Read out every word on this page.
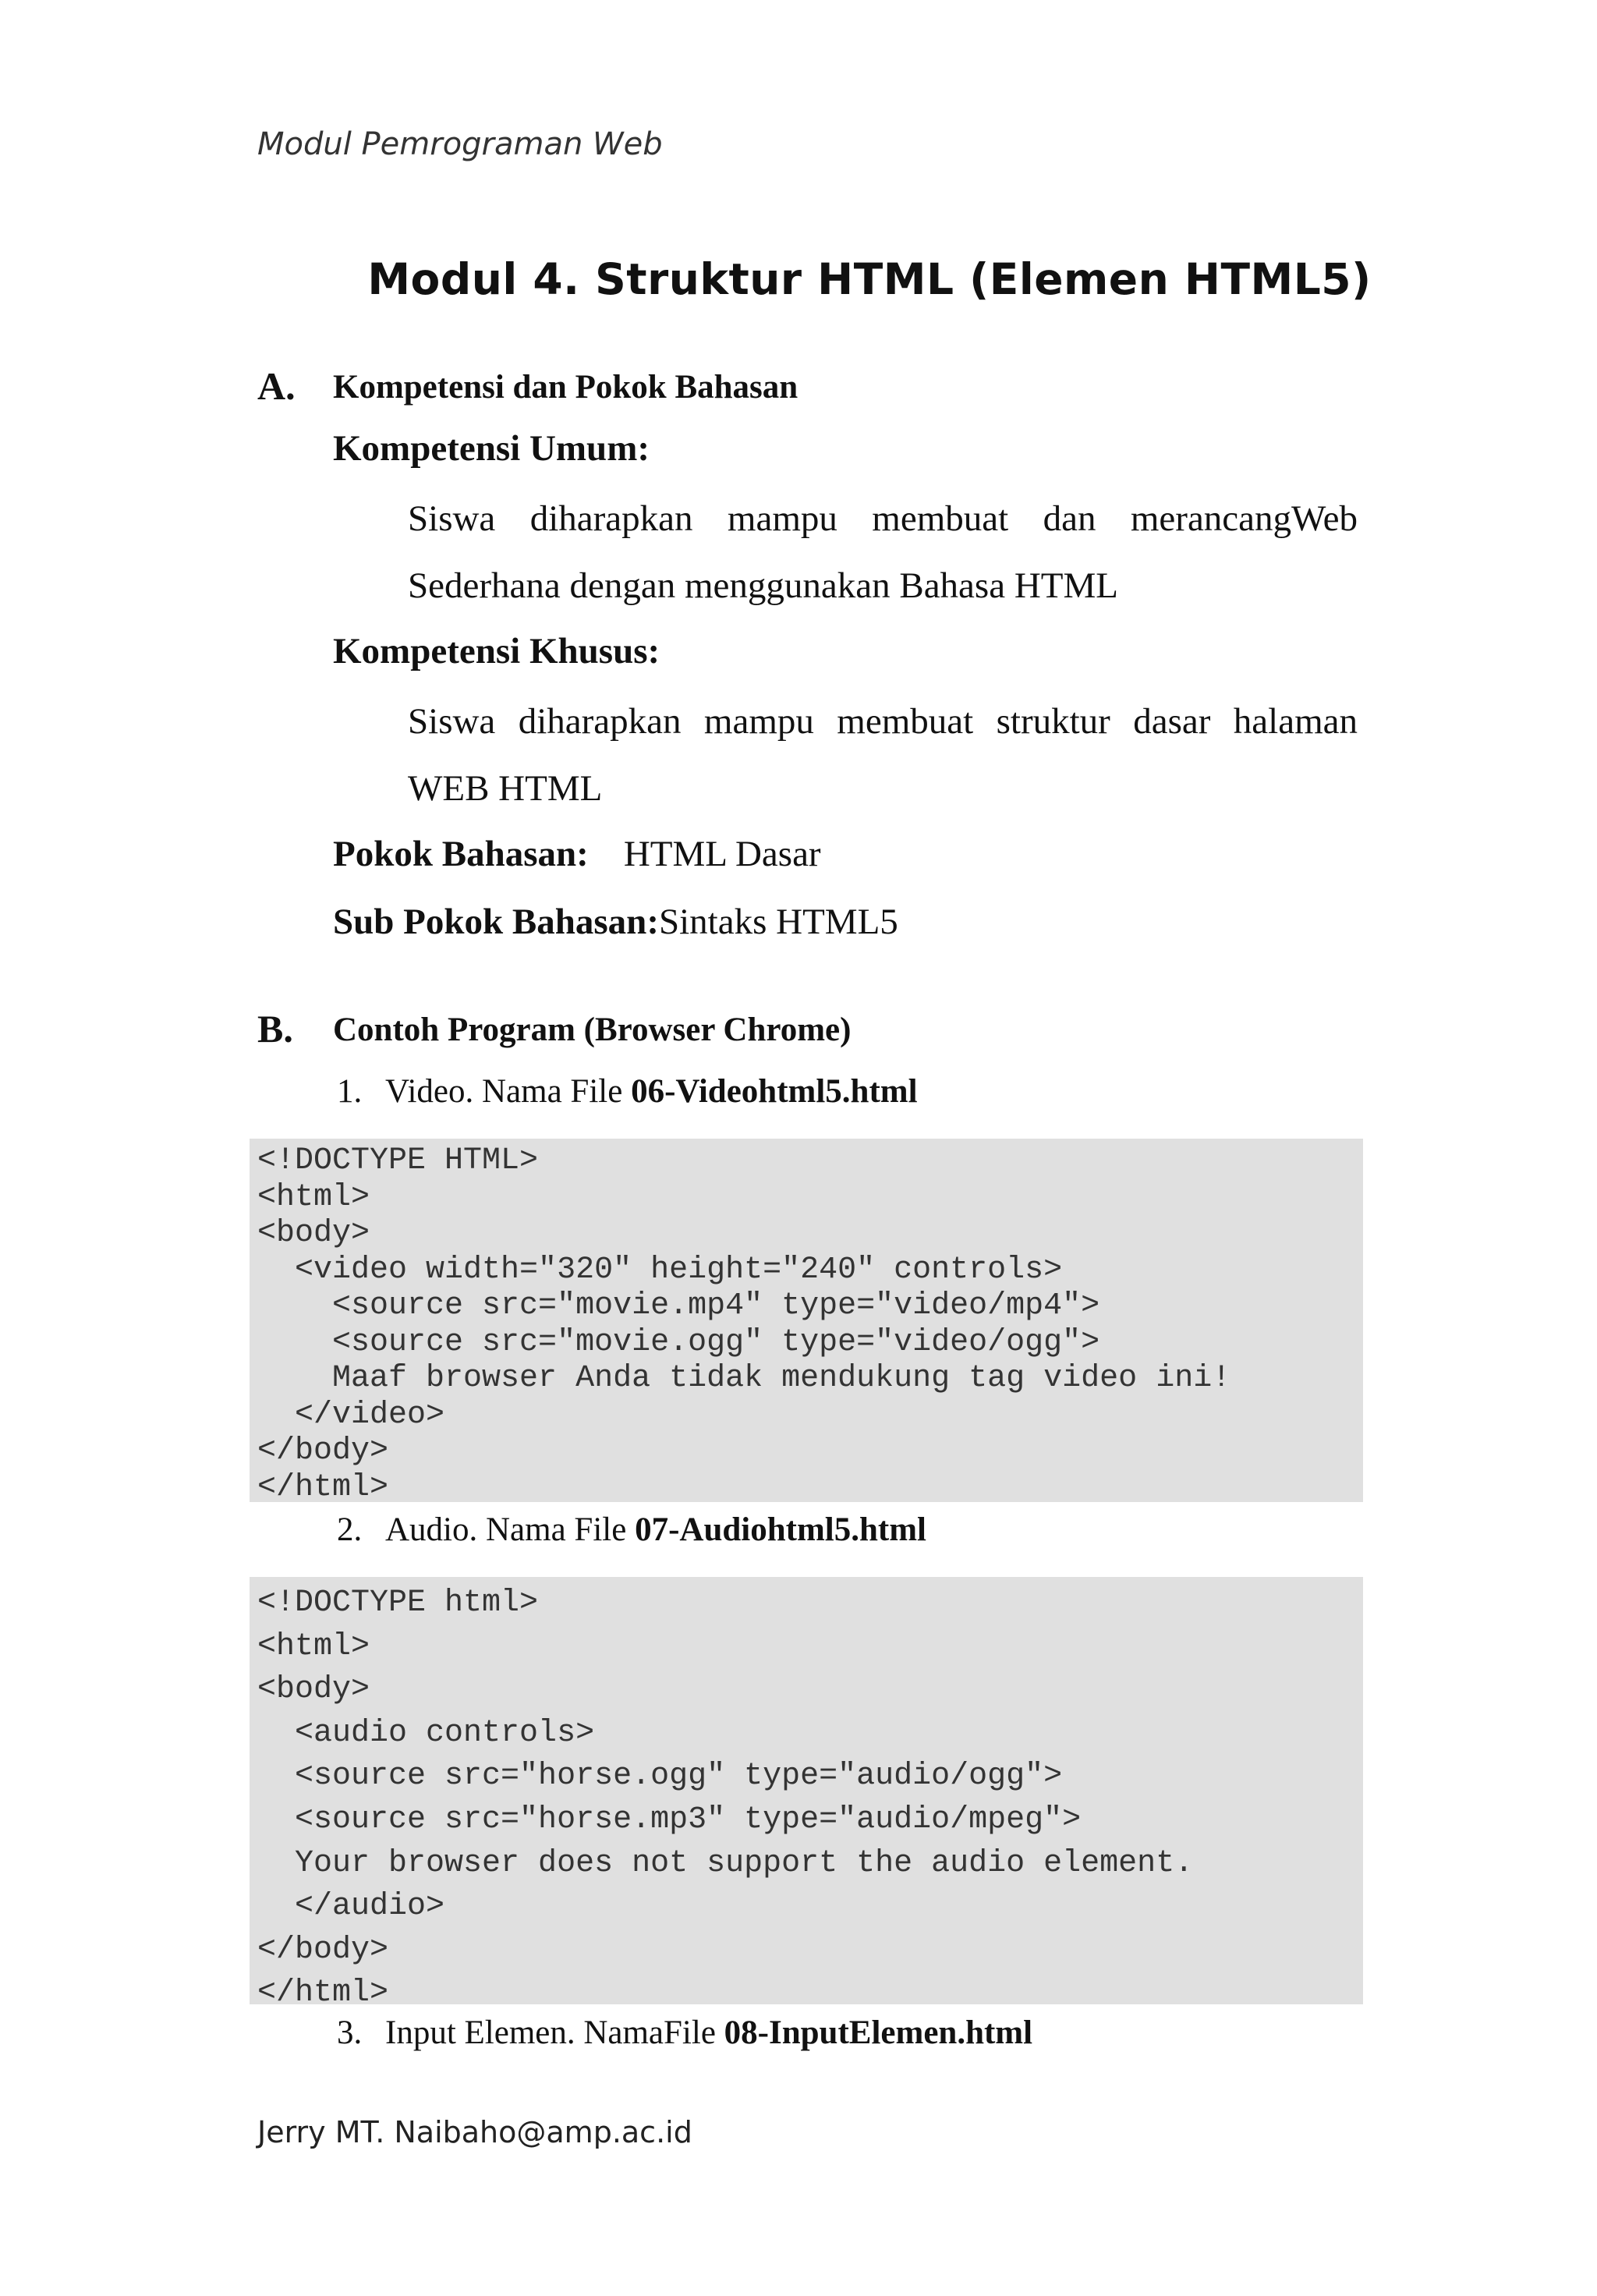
Modul Pemrograman Web
Modul 4. Struktur HTML (Elemen HTML5)
A. Kompetensi dan Pokok Bahasan
Kompetensi Umum:
Siswa diharapkan mampu membuat dan merancangWeb
Sederhana dengan menggunakan Bahasa HTML
Kompetensi Khusus:
Siswa diharapkan mampu membuat struktur dasar halaman
WEB HTML
Pokok Bahasan: HTML Dasar
Sub Pokok Bahasan:Sintaks HTML5
B. Contoh Program (Browser Chrome)
1. Video. Nama File 06-Videohtml5.html
<!DOCTYPE HTML>
<html>
<body>
<video width="320" height="240" controls>
<source src="movie.mp4" type="video/mp4">
<source src="movie.ogg" type="video/ogg">
Maaf browser Anda tidak mendukung tag video ini!
</video>
</body>
</html>
2. Audio. Nama File 07-Audiohtml5.html
<!DOCTYPE html>
<html>
<body>
<audio controls>
<source src="horse.ogg" type="audio/ogg">
<source src="horse.mp3" type="audio/mpeg">
Your browser does not support the audio element.
</audio>
</body>
</html>
3. Input Elemen. NamaFile 08-InputElemen.html
Jerry MT. Naibaho@amp.ac.id
